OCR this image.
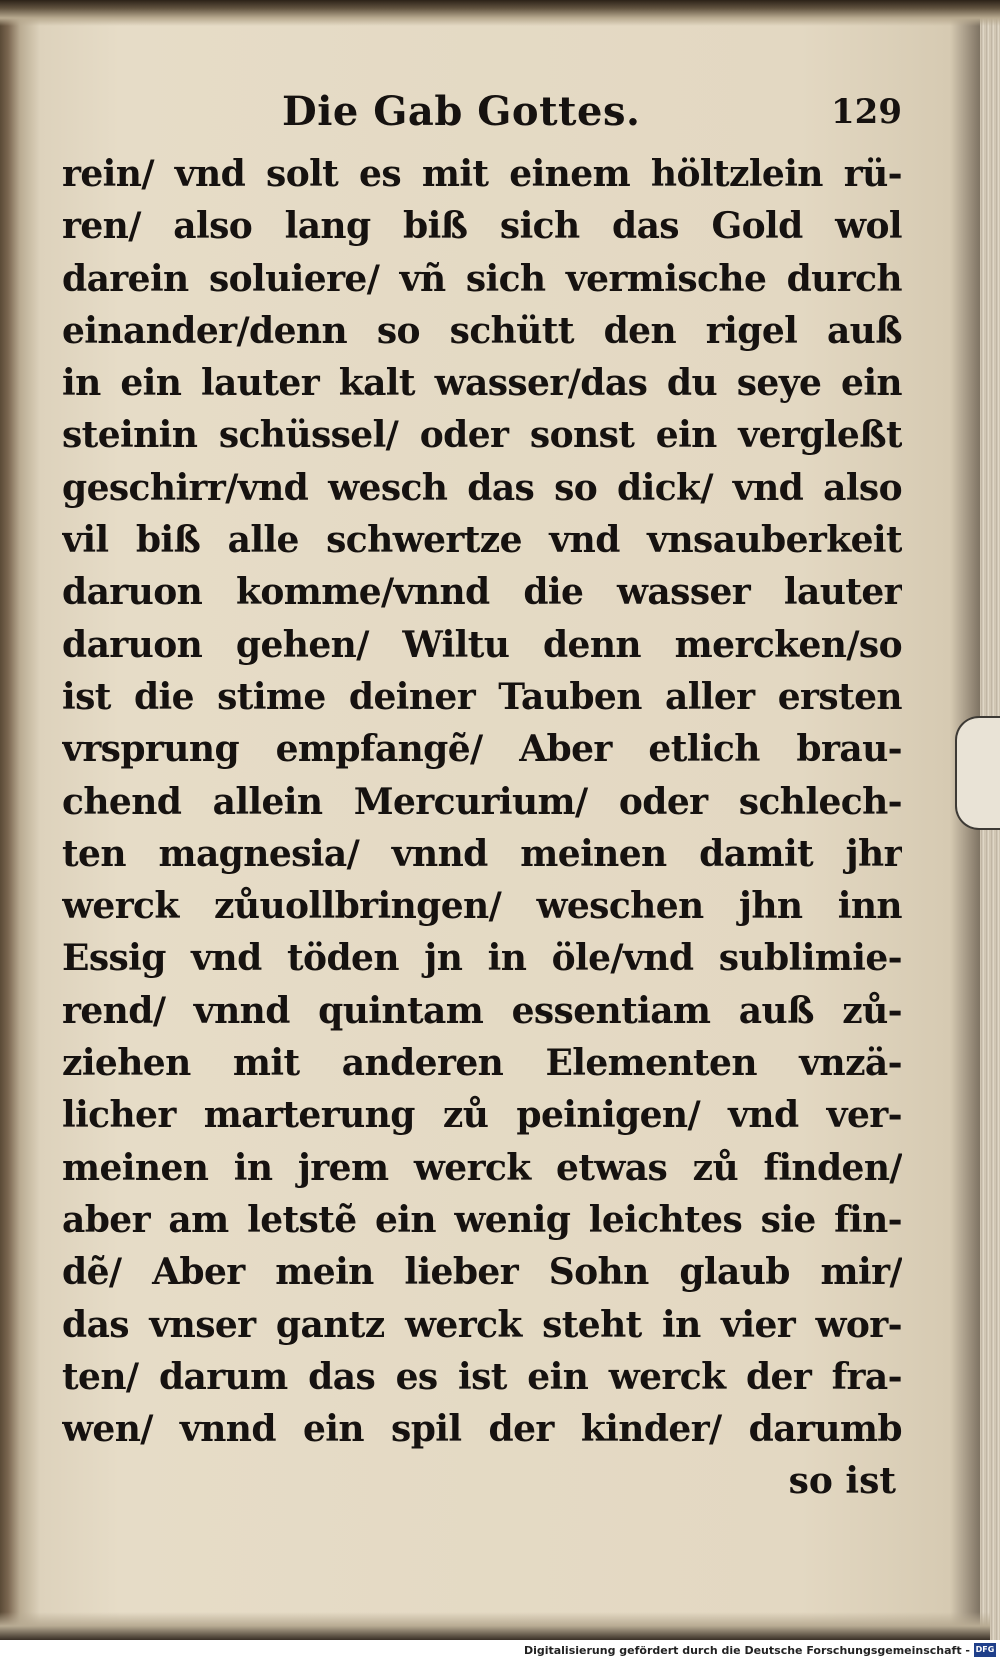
Die Gab Gottes.	129
rein/ vnd solt es mit einem höltzlein rü-
ren/ also lang biß sich das Gold wol
darein soluiere/ vñ sich vermische durch
einander/denn so schütt den rigel auß
in ein lauter kalt wasser/das du seye ein
steinin schüssel/ oder sonst ein vergleßt
geschirr/vnd wesch das so dick/ vnd also
vil biß alle schwertze vnd vnsauberkeit
daruon komme/vnnd die wasser lauter
daruon gehen/ Wiltu denn mercken/so
ist die stime deiner Tauben aller ersten
vrsprung empfangẽ/ Aber etlich brau-
chend allein Mercurium/ oder schlech-
ten magnesia/ vnnd meinen damit jhr
werck zůuollbringen/ weschen jhn inn
Essig vnd töden jn in öle/vnd sublimie-
rend/ vnnd quintam essentiam auß zů-
ziehen mit anderen Elementen vnzä-
licher marterung zů peinigen/ vnd ver-
meinen in jrem werck etwas zů finden/
aber am letstẽ ein wenig leichtes sie fin-
dẽ/ Aber mein lieber Sohn glaub mir/
das vnser gantz werck steht in vier wor-
ten/ darum das es ist ein werck der fra-
wen/ vnnd ein spil der kinder/ darumb
so ist
Digitalisierung gefördert durch die Deutsche Forschungsgemeinschaft - DFG
